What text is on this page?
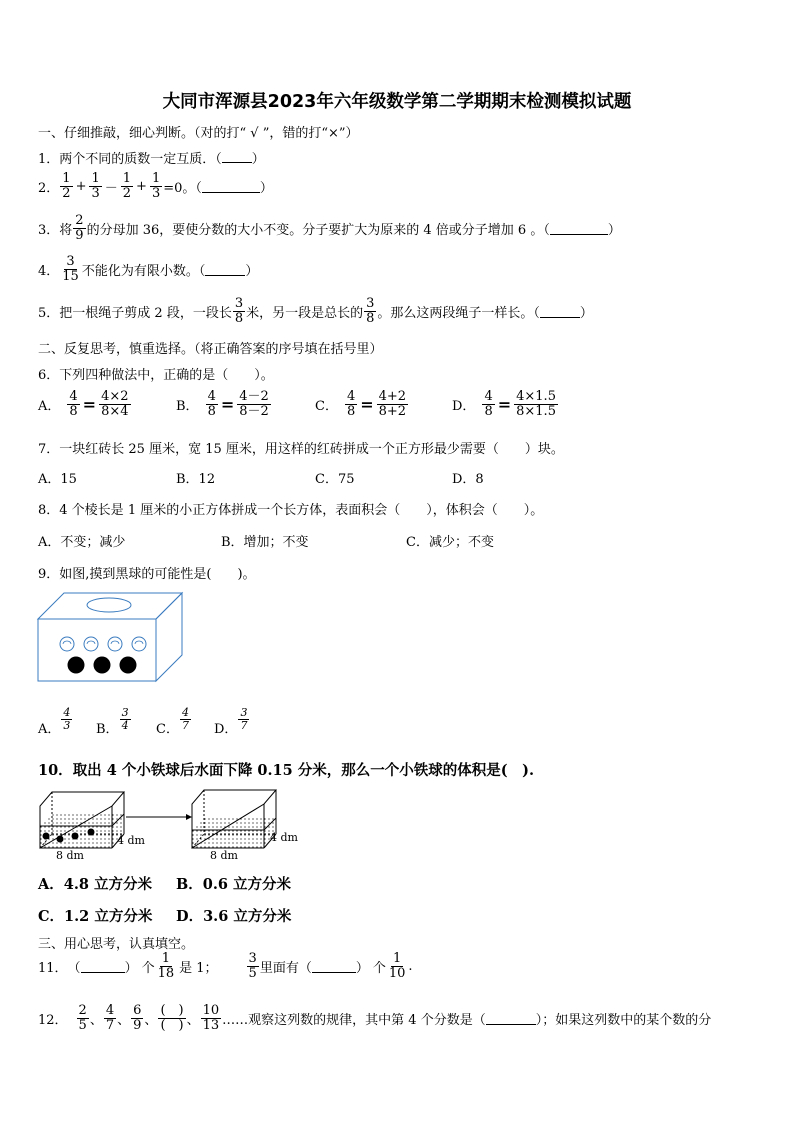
大同市浑源县2023年六年级数学第二学期期末检测模拟试题
一、仔细推敲，细心判断。（对的打“ √ ”，错的打“×”）
1．两个不同的质数一定互质．（ ）
2． $\frac{1}{2} + \frac{1}{3} - \frac{1}{2} + \frac{1}{3} =0$。（	）
3． 将 $\frac{2}{9}$ 的分母加 36，要使分数的大小不变。分子要扩大为原来的 4 倍或分子增加 6 。（	）
4． $\frac{3}{15}$ 不能化为有限小数。（	）
5． 把一根绳子剪成 2 段，一段长 $\frac{3}{8}$ 米，另一段是总长的 $\frac{3}{8}$ 。那么这两段绳子一样长。（	）
二、反复思考，慎重选择。（将正确答案的序号填在括号里）
6．下列四种做法中，正确的是（　　）。
A． $\frac{4}{8} = \frac{4\times 2}{8\times 4}$	B． $\frac{4}{8} = \frac{4-2}{8-2}$	C． $\frac{4}{8} = \frac{4+2}{8+2}$	D． $\frac{4}{8} = \frac{4\times 1.5}{8\times 1.5}$
7．一块红砖长 25 厘米，宽 15 厘米，用这样的红砖拼成一个正方形最少需要（　　）块。
A．15	B．12	C．75	D．8
8．4 个棱长是 1 厘米的小正方体拼成一个长方体，表面积会（　　），体积会（　　）。
A．不变；减少	B．增加；不变	C．减少；不变
9．如图,摸到黑球的可能性是(　　)。
A． $\frac{4}{3}$ B． $\frac{3}{4}$ C． $\frac{4}{7}$ D． $\frac{3}{7}$
10．取出 4 个小铁球后水面下降 0.15 分米，那么一个小铁球的体积是(　).
8 dm
4 dm
8 dm
4 dm
A．4.8 立方分米 B．0.6 立方分米
C．1.2 立方分米 D．3.6 立方分米
三、用心思考，认真填空。
11． （	） 个 $\frac{1}{18}$ 是 1； $\frac{3}{5}$ 里面有（	） 个 $\frac{1}{10}$ .
12． $\frac{2}{5}$ 、 $\frac{4}{7}$ 、 $\frac{6}{9}$ 、 $\frac{( )}{( )}$ 、 $\frac{10}{13}$ ……观察这列数的规律，其中第 4 个分数是（	）；如果这列数中的某个数的分
